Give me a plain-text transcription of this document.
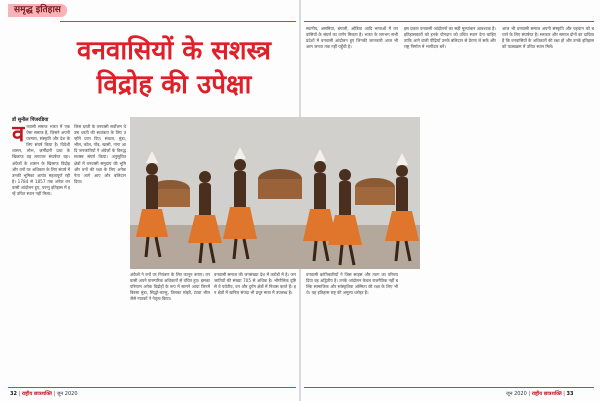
समृद्ध इतिहास
वनवासियों के सशस्त्र
विद्रोह की उपेक्षा
डॉ सुनील पिंजरडिया
व नवासी समाज भारत में एक ऐसा समाज है, जिसने अपनी परम्परा, संस्कृति और देश के लिए संघर्ष किया है। विदेशी शासन, लोभ, ज़मींदारी प्रथा के खिलाफ वह लगातार संघर्षरत रहा। अंग्रेजों के शासन के खिलाफ विद्रोह और वनों पर अधिकार के लिए संघर्ष में उनकी भूमिका अत्यंत महत्वपूर्ण रही है। 1784 से 1857 तक अनेक वनवासी आंदोलन हुए, परन्तु इतिहास में इन्हें उचित स्थान नहीं मिला।

जिस धरती के वनवासी सर्वोत्तम थे उस धरती की स्वतंत्रता के लिए उन्होंने प्राण दिए। संथाल, मुंडा, भील, कोल, गोंड, खासी, नागा आदि जनजातियों ने अंग्रेज़ों के विरुद्ध सशस्त्र संघर्ष किया। अनुसूचित क्षेत्रों में वनवासी समुदाय की भूमि और वनों की रक्षा के लिए अनेक नेता आगे आए और बलिदान दिया।

अंग्रेजों ने वनों पर नियंत्रण के लिए कानून बनाए। वनवासी अपने पारम्परिक अधिकारों से वंचित हुए। इसका परिणाम अनेक विद्रोहों के रूप में सामने आया जिनमें बिरसा मुंडा, सिद्धो-कान्हू, तिलका मांझी, टंट्या भील जैसे नायकों ने नेतृत्व किया।

वनवासी समाज की जनसंख्या देश में करोड़ों में है। जनजातियों की संख्या 705 से अधिक है। भौगोलिक दृष्टि से वे पर्वतीय, वन और दुर्गम क्षेत्रों में निवास करते हैं। इन क्षेत्रों में खनिज संपदा भी प्रचुर मात्रा में उपलब्ध है।

स्थानीय, असमिया, बंगाली, ओडिया आदि भाषाओं में वनवासियों के संघर्ष का वर्णन मिलता है। भारत के लगभग सभी प्रदेशों में वनवासी आंदोलन हुए जिनकी जानकारी आज भी आम जनता तक नहीं पहुँची है।

इस प्रकार वनवासी आंदोलनों का सही मूल्यांकन आवश्यक है। इतिहासकारों को इनके योगदान को उचित स्थान देना चाहिए ताकि आने वाली पीढ़ियाँ उनके बलिदान से प्रेरणा ले सकें और राष्ट्र निर्माण में भागीदार बनें।

आज भी वनवासी समाज अपनी संस्कृति और पहचान को बचाने के लिए संघर्षरत है। सरकार और समाज दोनों का दायित्व है कि वनवासियों के अधिकारों की रक्षा हो और उनके इतिहास को पाठ्यक्रम में उचित स्थान मिले।

वनवासी क्रांतिकारियों ने जिस साहस और त्याग का परिचय दिया वह अद्वितीय है। उनके आंदोलन केवल राजनैतिक नहीं बल्कि सामाजिक और सांस्कृतिक अस्मिता की रक्षा के लिए भी थे। यह इतिहास राष्ट्र की अमूल्य धरोहर है।

32 | राष्ट्रीय छात्रशक्ति | जून 2020	जून 2020 | राष्ट्रीय छात्रशक्ति | 33
